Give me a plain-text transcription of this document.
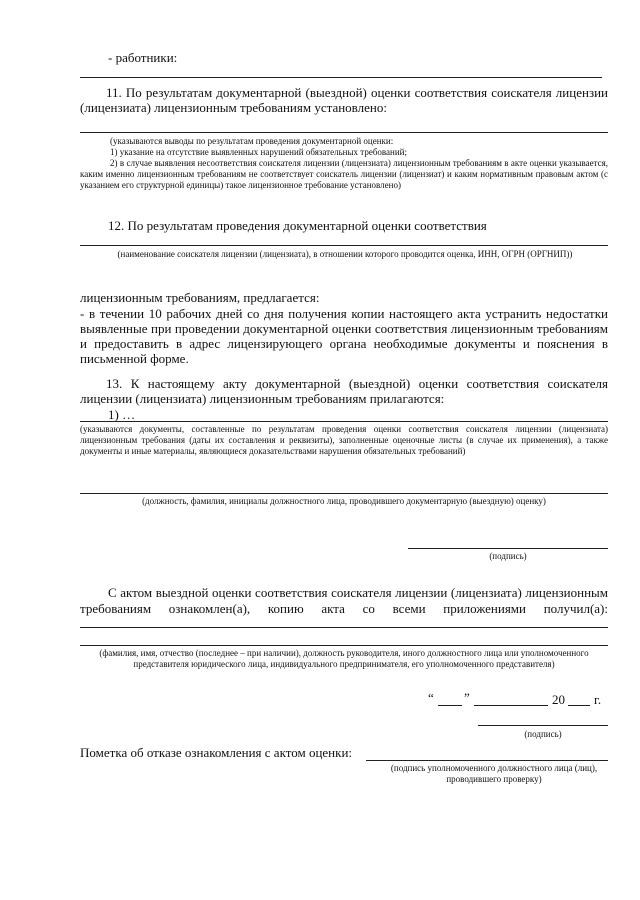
- работники:

11. По результатам документарной (выездной) оценки соответствия соискателя лицензии (лицензиата) лицензионным требованиям установлено:

(указываются выводы по результатам проведения документарной оценки:

1) указание на отсутствие выявленных нарушений обязательных требований;

2) в случае выявления несоответствия соискателя лицензии (лицензиата) лицензионным требованиям в акте оценки указывается, каким именно лицензионным требованиям не соответствует соискатель лицензии (лицензиат) и каким нормативным правовым актом (с указанием его структурной единицы) такое лицензионное требование установлено)

12. По результатам проведения документарной оценки соответствия

(наименование соискателя лицензии (лицензиата), в отношении которого проводится оценка, ИНН, ОГРН (ОРГНИП))

лицензионным требованиям, предлагается:

- в течении 10 рабочих дней со дня получения копии настоящего акта устранить недостатки выявленные при проведении документарной оценки соответствия лицензионным требованиям и предоставить в адрес лицензирующего органа необходимые документы и пояснения в письменной форме.

13. К настоящему акту документарной (выездной) оценки соответствия соискателя лицензии (лицензиата) лицензионным требованиям прилагаются:

1) …

(указываются документы, составленные по результатам проведения оценки соответствия соискателя лицензии (лицензиата) лицензионным требования (даты их составления и реквизиты), заполненные оценочные листы (в случае их применения), а также документы и иные материалы, являющиеся доказательствами нарушения обязательных требований)

(должность, фамилия, инициалы должностного лица, проводившего документарную (выездную) оценку)

(подпись)

С актом выездной оценки соответствия соискателя лицензии (лицензиата) лицензионным

требованиям ознакомлен(а), копию акта со всеми приложениями получил(а):

(фамилия, имя, отчество (последнее – при наличии), должность руководителя, иного должностного лица или уполномоченного представителя юридического лица, индивидуального предпринимателя, его уполномоченного представителя)

“ ”	20 г.

(подпись)

Пометка об отказе ознакомления с актом оценки:

(подпись уполномоченного должностного лица (лиц), проводившего проверку)
